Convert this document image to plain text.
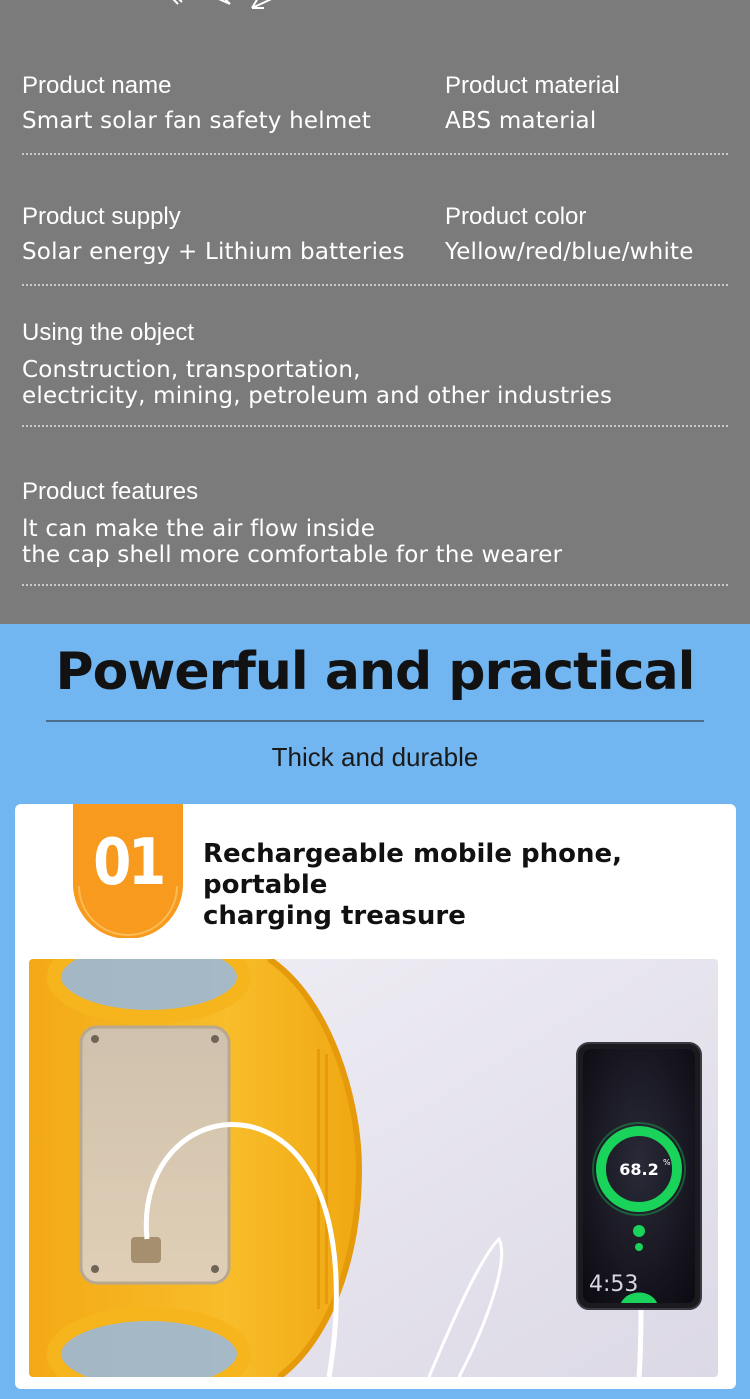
Product name
Smart solar fan safety helmet
Product material
ABS material
Product supply
Solar energy + Lithium batteries
Product color
Yellow/red/blue/white
Using the object
Construction, transportation,
electricity, mining, petroleum and other industries
Product features
lt can make the air flow inside
the cap shell more comfortable for the wearer
Powerful and practical
Thick and durable
01	Rechargeable mobile phone, portable
charging treasure
68.2 %
4:53
